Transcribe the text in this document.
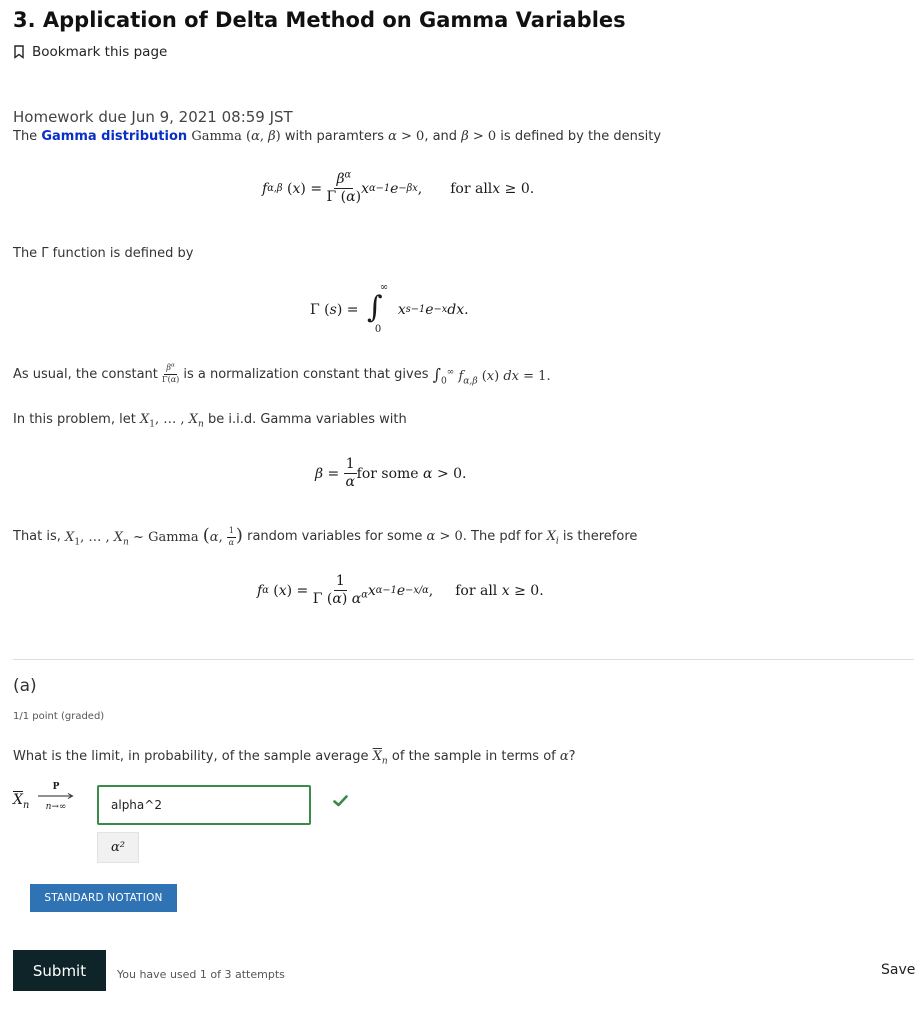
3. Application of Delta Method on Gamma Variables
Bookmark this page
Homework due Jun 9, 2021 08:59 JST
The Gamma distribution Gamma (α, β) with paramters α > 0, and β > 0 is defined by the density
f α,β ( x ) = $\frac{\beta^\alpha}{\Gamma (\alpha)}$ x α−1 e −βx , for all x ≥ 0.
The Γ function is defined by
Γ ( s ) = ∫
∞
0

x s−1 e −x dx .
As usual, the constant
$\frac{\beta^\alpha}{\Gamma(\alpha)}$
is a normalization constant that gives
$\int_0^\infty$ $f_{\alpha,\beta}$ (x) dx = 1.
In this problem, let $X_1$, … , $X_n$ be i.i.d. Gamma variables with
$\beta = \frac{1}{\alpha}$ for some
α > 0.
That is,
$X_1$, … , $X_n$ ~ Gamma (α, $\frac{1}{\alpha}$ )
random variables for some
α > 0 . The pdf for
$X_i$
is therefore
f α ( x ) = $\frac{1}{\Gamma (\alpha) \alpha^\alpha}$ x α−1 e −x/α , for all
x ≥ 0.
(a)
1/1 point (graded)
What is the limit, in probability, of the sample average $\overline{X}_n$ of the sample in terms of α?
$\overline{X}_n$
P
n→∞
alpha^2
α²
STANDARD NOTATION
Submit	You have used 1 of 3 attempts	Save
